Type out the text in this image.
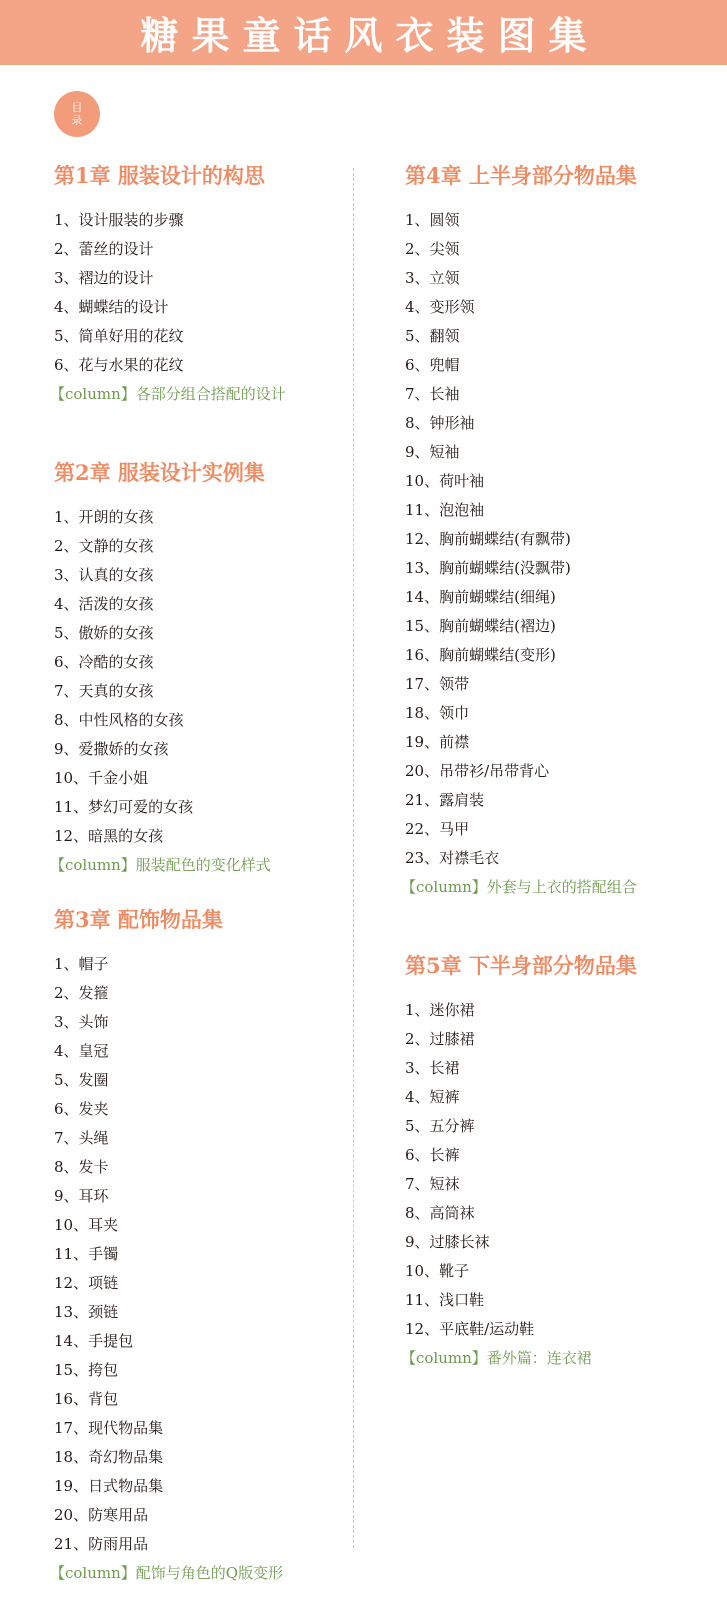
糖果童话风衣装图集
目
录
第1章 服装设计的构思
1、设计服装的步骤
2、蕾丝的设计
3、褶边的设计
4、蝴蝶结的设计
5、简单好用的花纹
6、花与水果的花纹
【column】各部分组合搭配的设计
第2章 服装设计实例集
1、开朗的女孩
2、文静的女孩
3、认真的女孩
4、活泼的女孩
5、傲娇的女孩
6、冷酷的女孩
7、天真的女孩
8、中性风格的女孩
9、爱撒娇的女孩
10、千金小姐
11、梦幻可爱的女孩
12、暗黑的女孩
【column】服装配色的变化样式
第3章 配饰物品集
1、帽子
2、发箍
3、头饰
4、皇冠
5、发圈
6、发夹
7、头绳
8、发卡
9、耳环
10、耳夹
11、手镯
12、项链
13、颈链
14、手提包
15、挎包
16、背包
17、现代物品集
18、奇幻物品集
19、日式物品集
20、防寒用品
21、防雨用品
【column】配饰与角色的Q版变形
第4章 上半身部分物品集
1、圆领
2、尖领
3、立领
4、变形领
5、翻领
6、兜帽
7、长袖
8、钟形袖
9、短袖
10、荷叶袖
11、泡泡袖
12、胸前蝴蝶结(有飘带)
13、胸前蝴蝶结(没飘带)
14、胸前蝴蝶结(细绳)
15、胸前蝴蝶结(褶边)
16、胸前蝴蝶结(变形)
17、领带
18、领巾
19、前襟
20、吊带衫/吊带背心
21、露肩装
22、马甲
23、对襟毛衣
【column】外套与上衣的搭配组合
第5章 下半身部分物品集
1、迷你裙
2、过膝裙
3、长裙
4、短裤
5、五分裤
6、长裤
7、短袜
8、高筒袜
9、过膝长袜
10、靴子
11、浅口鞋
12、平底鞋/运动鞋
【column】番外篇：连衣裙
